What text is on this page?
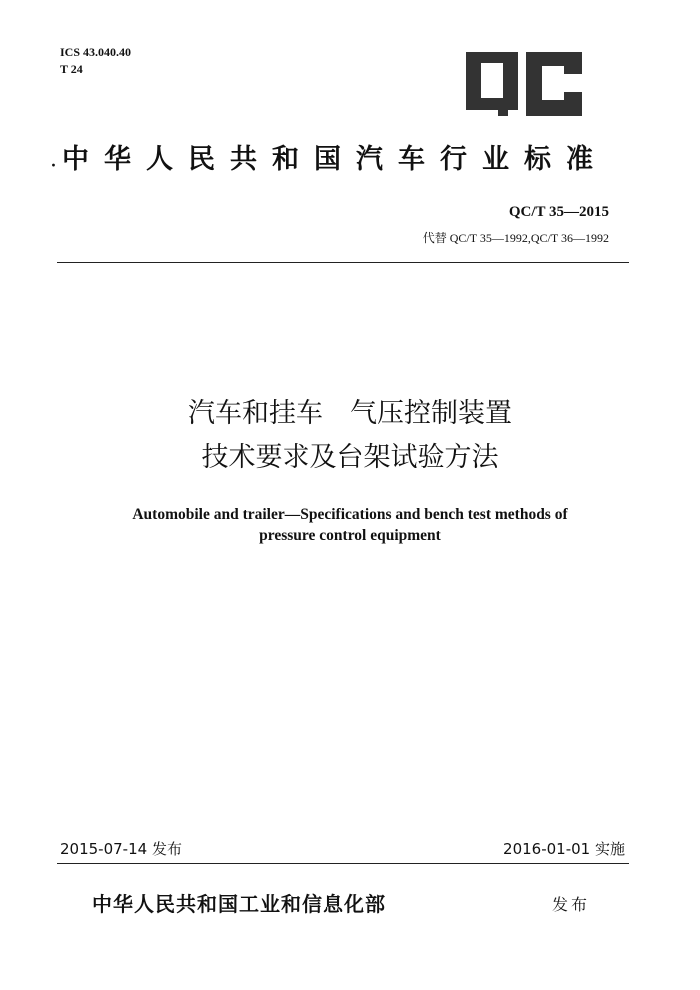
ICS 43.040.40
T 24
· 中华人民共和国汽车行业标准
QC/T 35—2015
代替 QC/T 35—1992,QC/T 36—1992
汽车和挂车　气压控制装置
技术要求及台架试验方法
Automobile and trailer—Specifications and bench test methods of
pressure control equipment
2015-07-14 发布	2016-01-01 实施
中华人民共和国工业和信息化部	发布
